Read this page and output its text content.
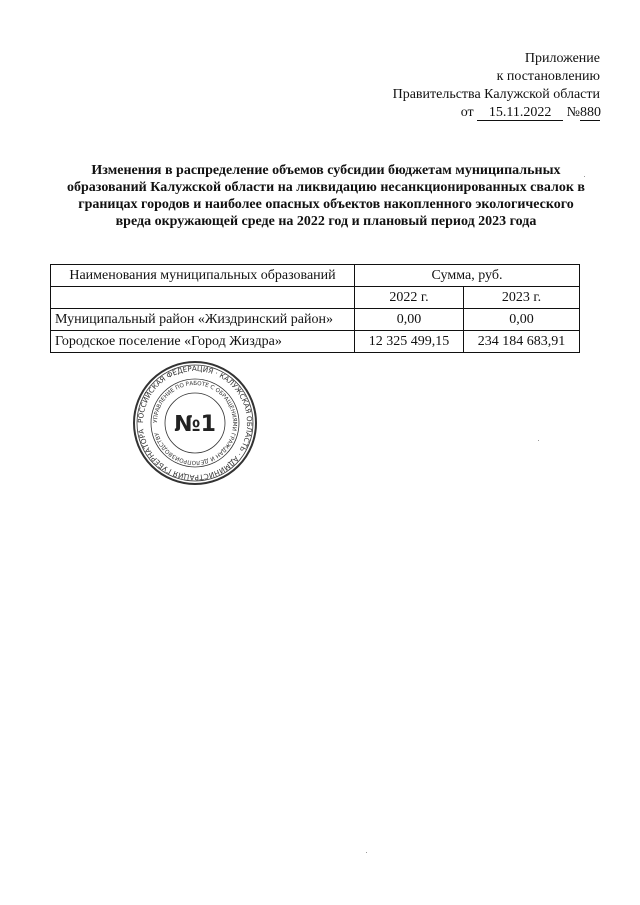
Приложение
к постановлению
Правительства Калужской области
от 15.11.2022 №880
Изменения в распределение объемов субсидии бюджетам муниципальных образований Калужской области на ликвидацию несанкционированных свалок в границах городов и наиболее опасных объектов накопленного экологического вреда окружающей среде на 2022 год и плановый период 2023 года
Наименования муниципальных образований	Сумма, руб.	
	2022 г.	2023 г.
Муниципальный район «Жиздринский район»	0,00	0,00
Городское поселение «Город Жиздра»	12 325 499,15	234 184 683,91
РОССИЙСКАЯ ФЕДЕРАЦИЯ · КАЛУЖСКАЯ ОБЛАСТЬ · АДМИНИСТРАЦИЯ ГУБЕРНАТОРА
УПРАВЛЕНИЕ ПО РАБОТЕ С ОБРАЩЕНИЯМИ ГРАЖДАН И ДЕЛОПРОИЗВОДСТВУ №1
